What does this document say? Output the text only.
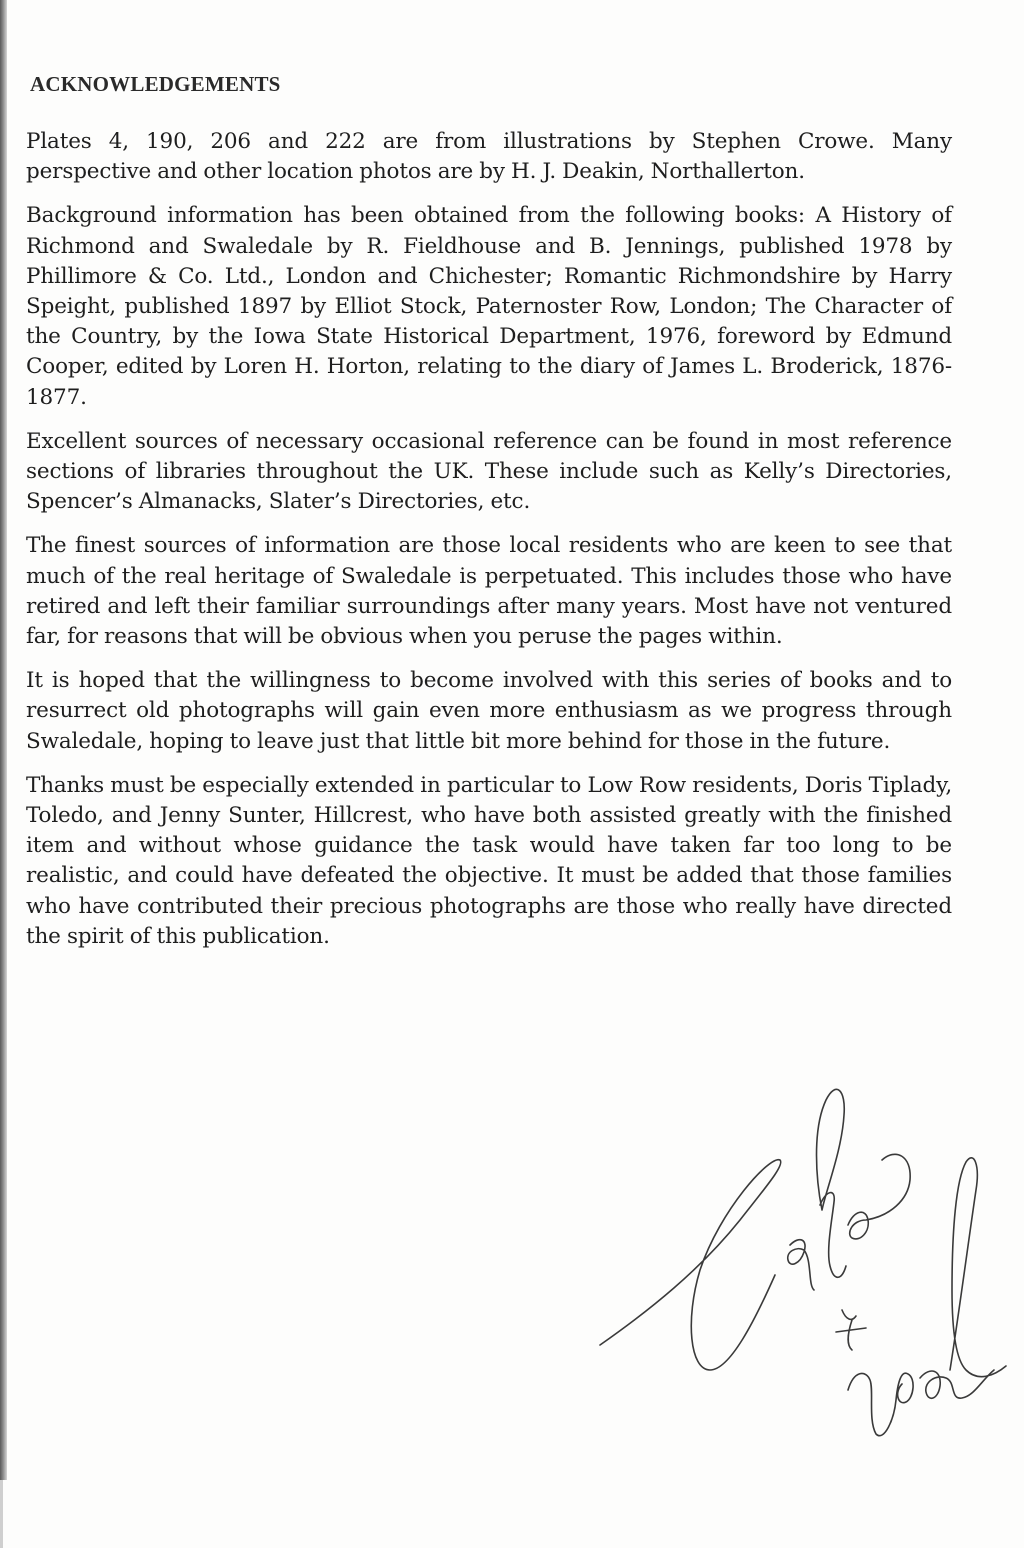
ACKNOWLEDGEMENTS

Plates 4, 190, 206 and 222 are from illustrations by Stephen Crowe. Many perspective and other location photos are by H. J. Deakin, Northallerton.

Background information has been obtained from the following books: A History of Richmond and Swaledale by R. Fieldhouse and B. Jennings, published 1978 by Phillimore & Co. Ltd., London and Chichester; Romantic Richmondshire by Harry Speight, published 1897 by Elliot Stock, Paternoster Row, London; The Character of the Country, by the Iowa State Historical Department, 1976, foreword by Edmund Cooper, edited by Loren H. Horton, relating to the diary of James L. Broderick, 1876-1877.

Excellent sources of necessary occasional reference can be found in most reference sections of libraries throughout the UK. These include such as Kelly’s Directories, Spencer’s Almanacks, Slater’s Directories, etc.

The finest sources of information are those local residents who are keen to see that much of the real heritage of Swaledale is perpetuated. This includes those who have retired and left their familiar surroundings after many years. Most have not ventured far, for reasons that will be obvious when you peruse the pages within.

It is hoped that the willingness to become involved with this series of books and to resurrect old photographs will gain even more enthusiasm as we progress through Swaledale, hoping to leave just that little bit more behind for those in the future.

Thanks must be especially extended in particular to Low Row residents, Doris Tiplady, Toledo, and Jenny Sunter, Hillcrest, who have both assisted greatly with the finished item and without whose guidance the task would have taken far too long to be realistic, and could have defeated the objective. It must be added that those families who have contributed their precious photographs are those who really have directed the spirit of this publication.
